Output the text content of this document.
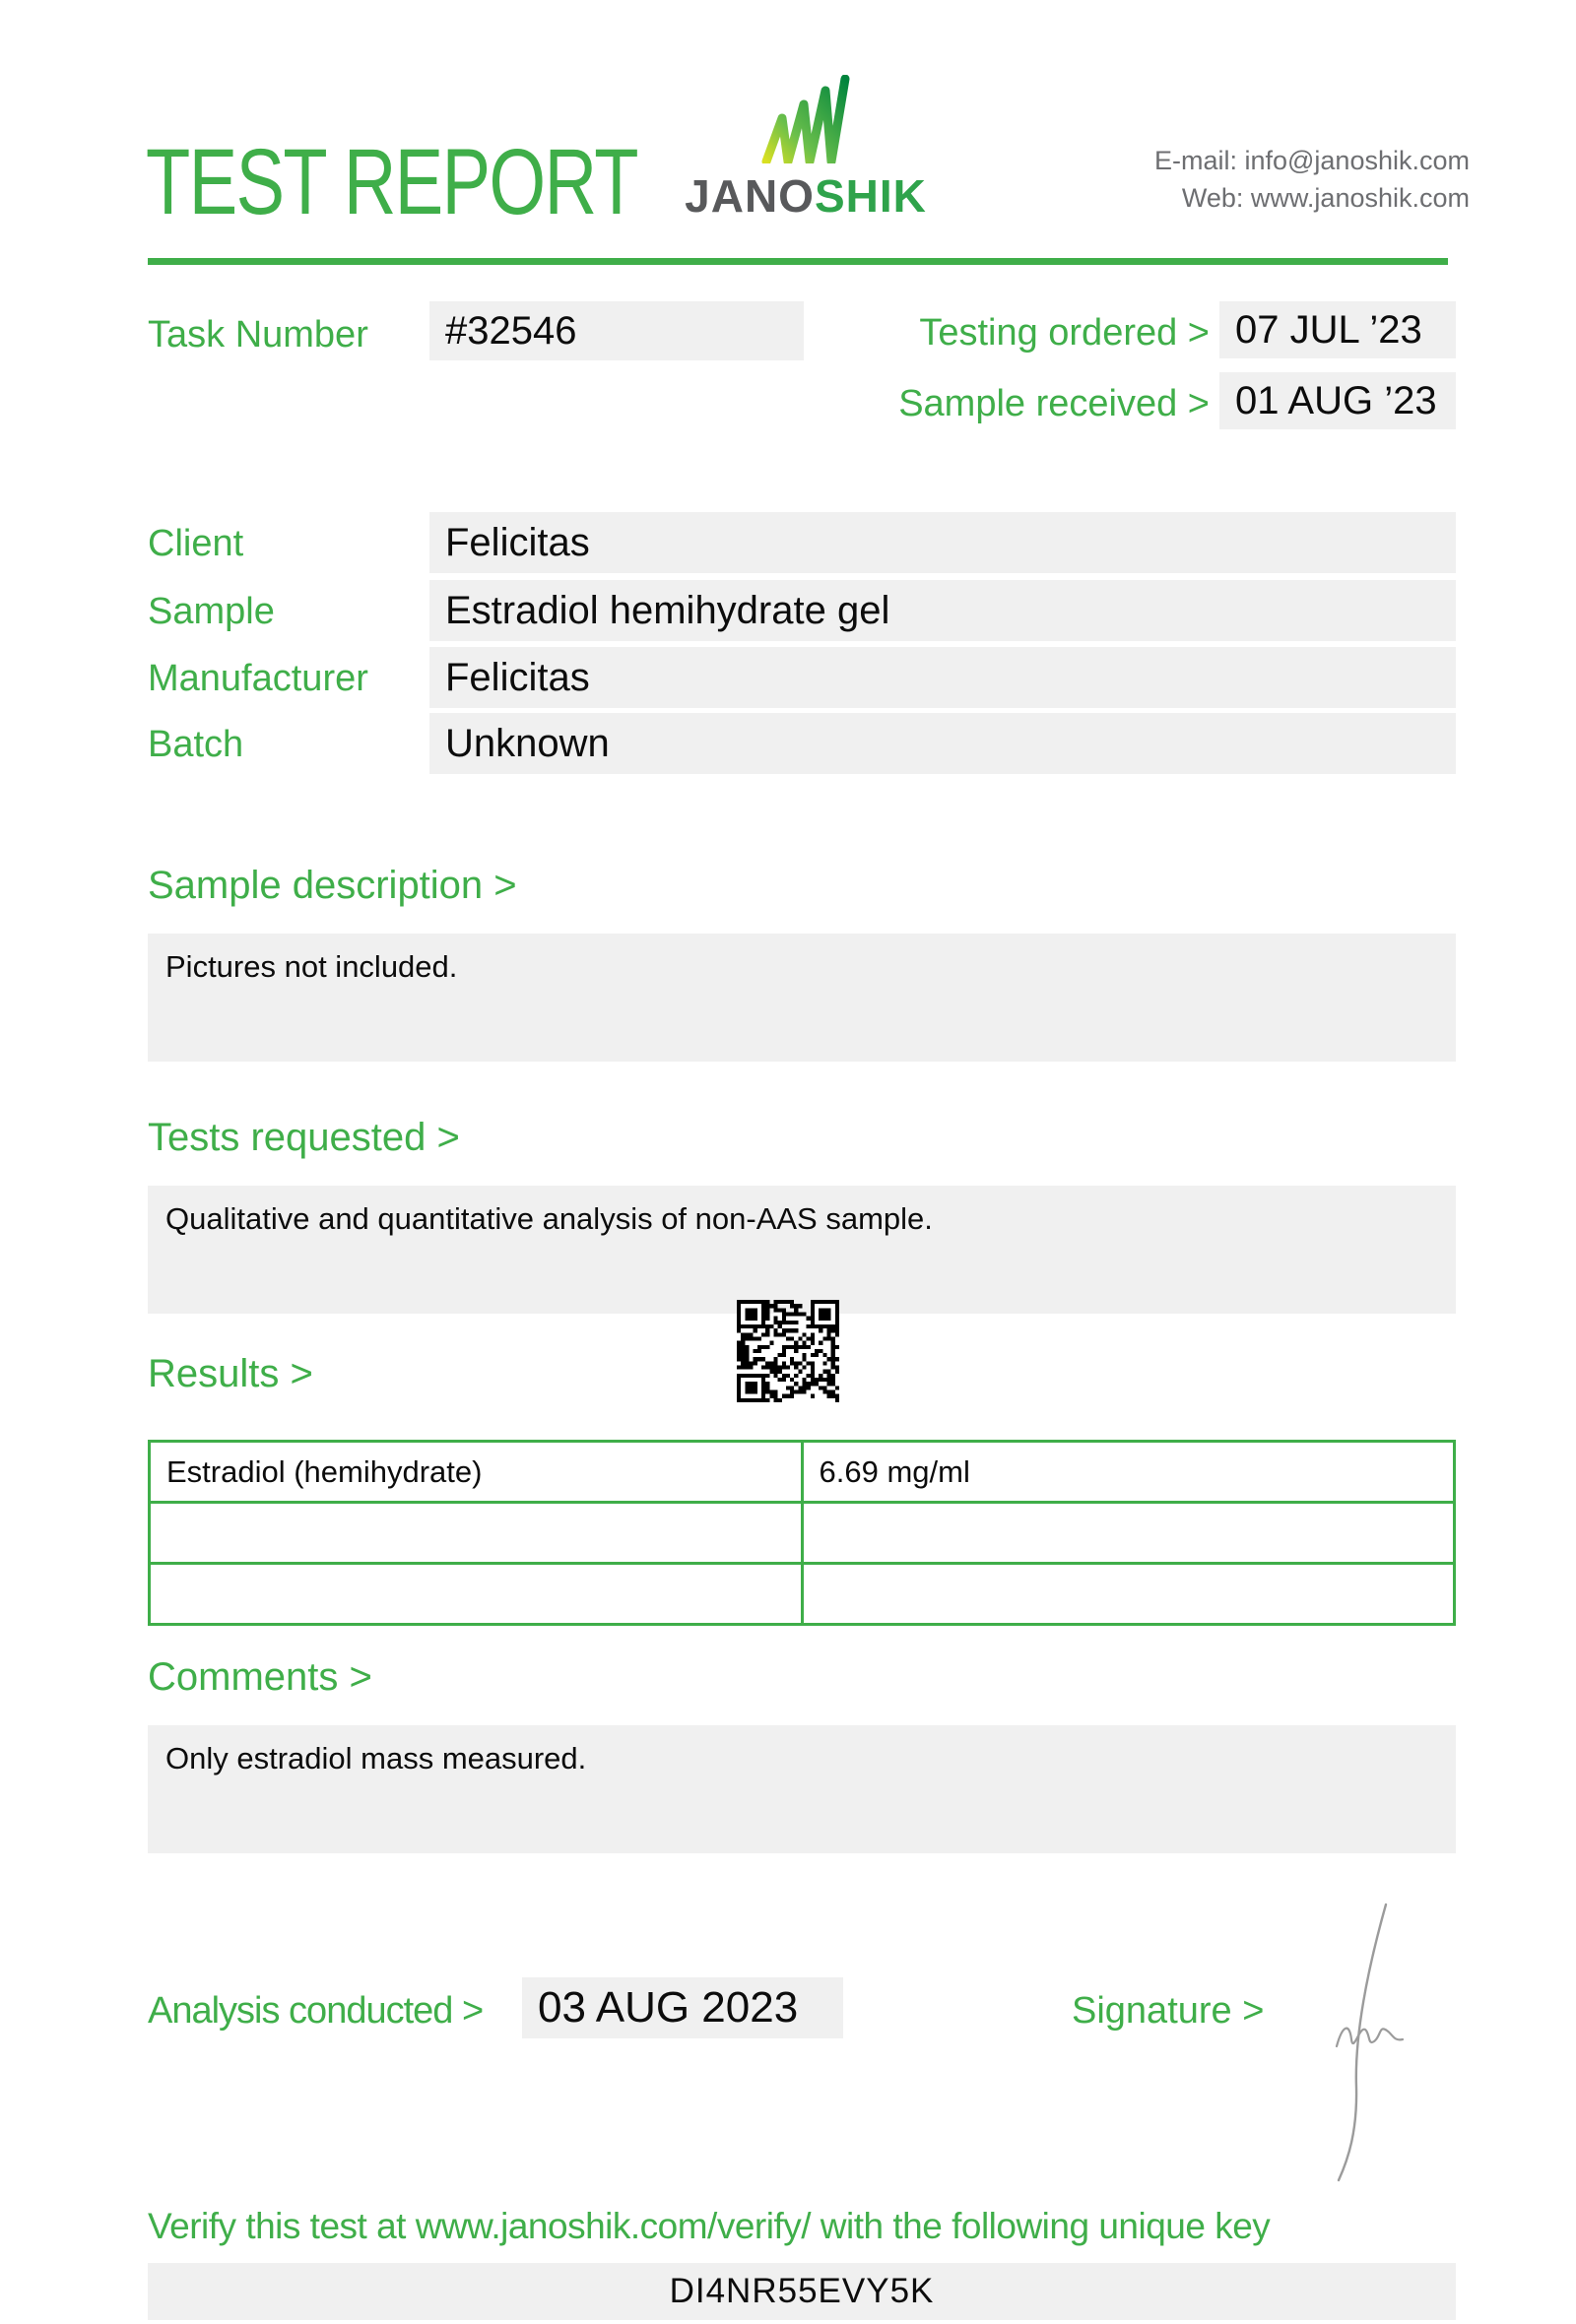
TEST REPORT JANOSHIK
E-mail: info@janoshik.com
Web: www.janoshik.com
Task Number	#32546	Testing ordered > 07 JUL ’23
Sample received > 01 AUG ’23
Client	Felicitas
Sample	Estradiol hemihydrate gel
Manufacturer	Felicitas
Batch	Unknown
Sample description >
Pictures not included.
Tests requested >
Qualitative and quantitative analysis of non-AAS sample.
Results >
Estradiol (hemihydrate)	6.69 mg/ml

Comments >
Only estradiol mass measured.
Analysis conducted >	03 AUG 2023	Signature >
Verify this test at www.janoshik.com/verify/ with the following unique key
DI4NR55EVY5K
